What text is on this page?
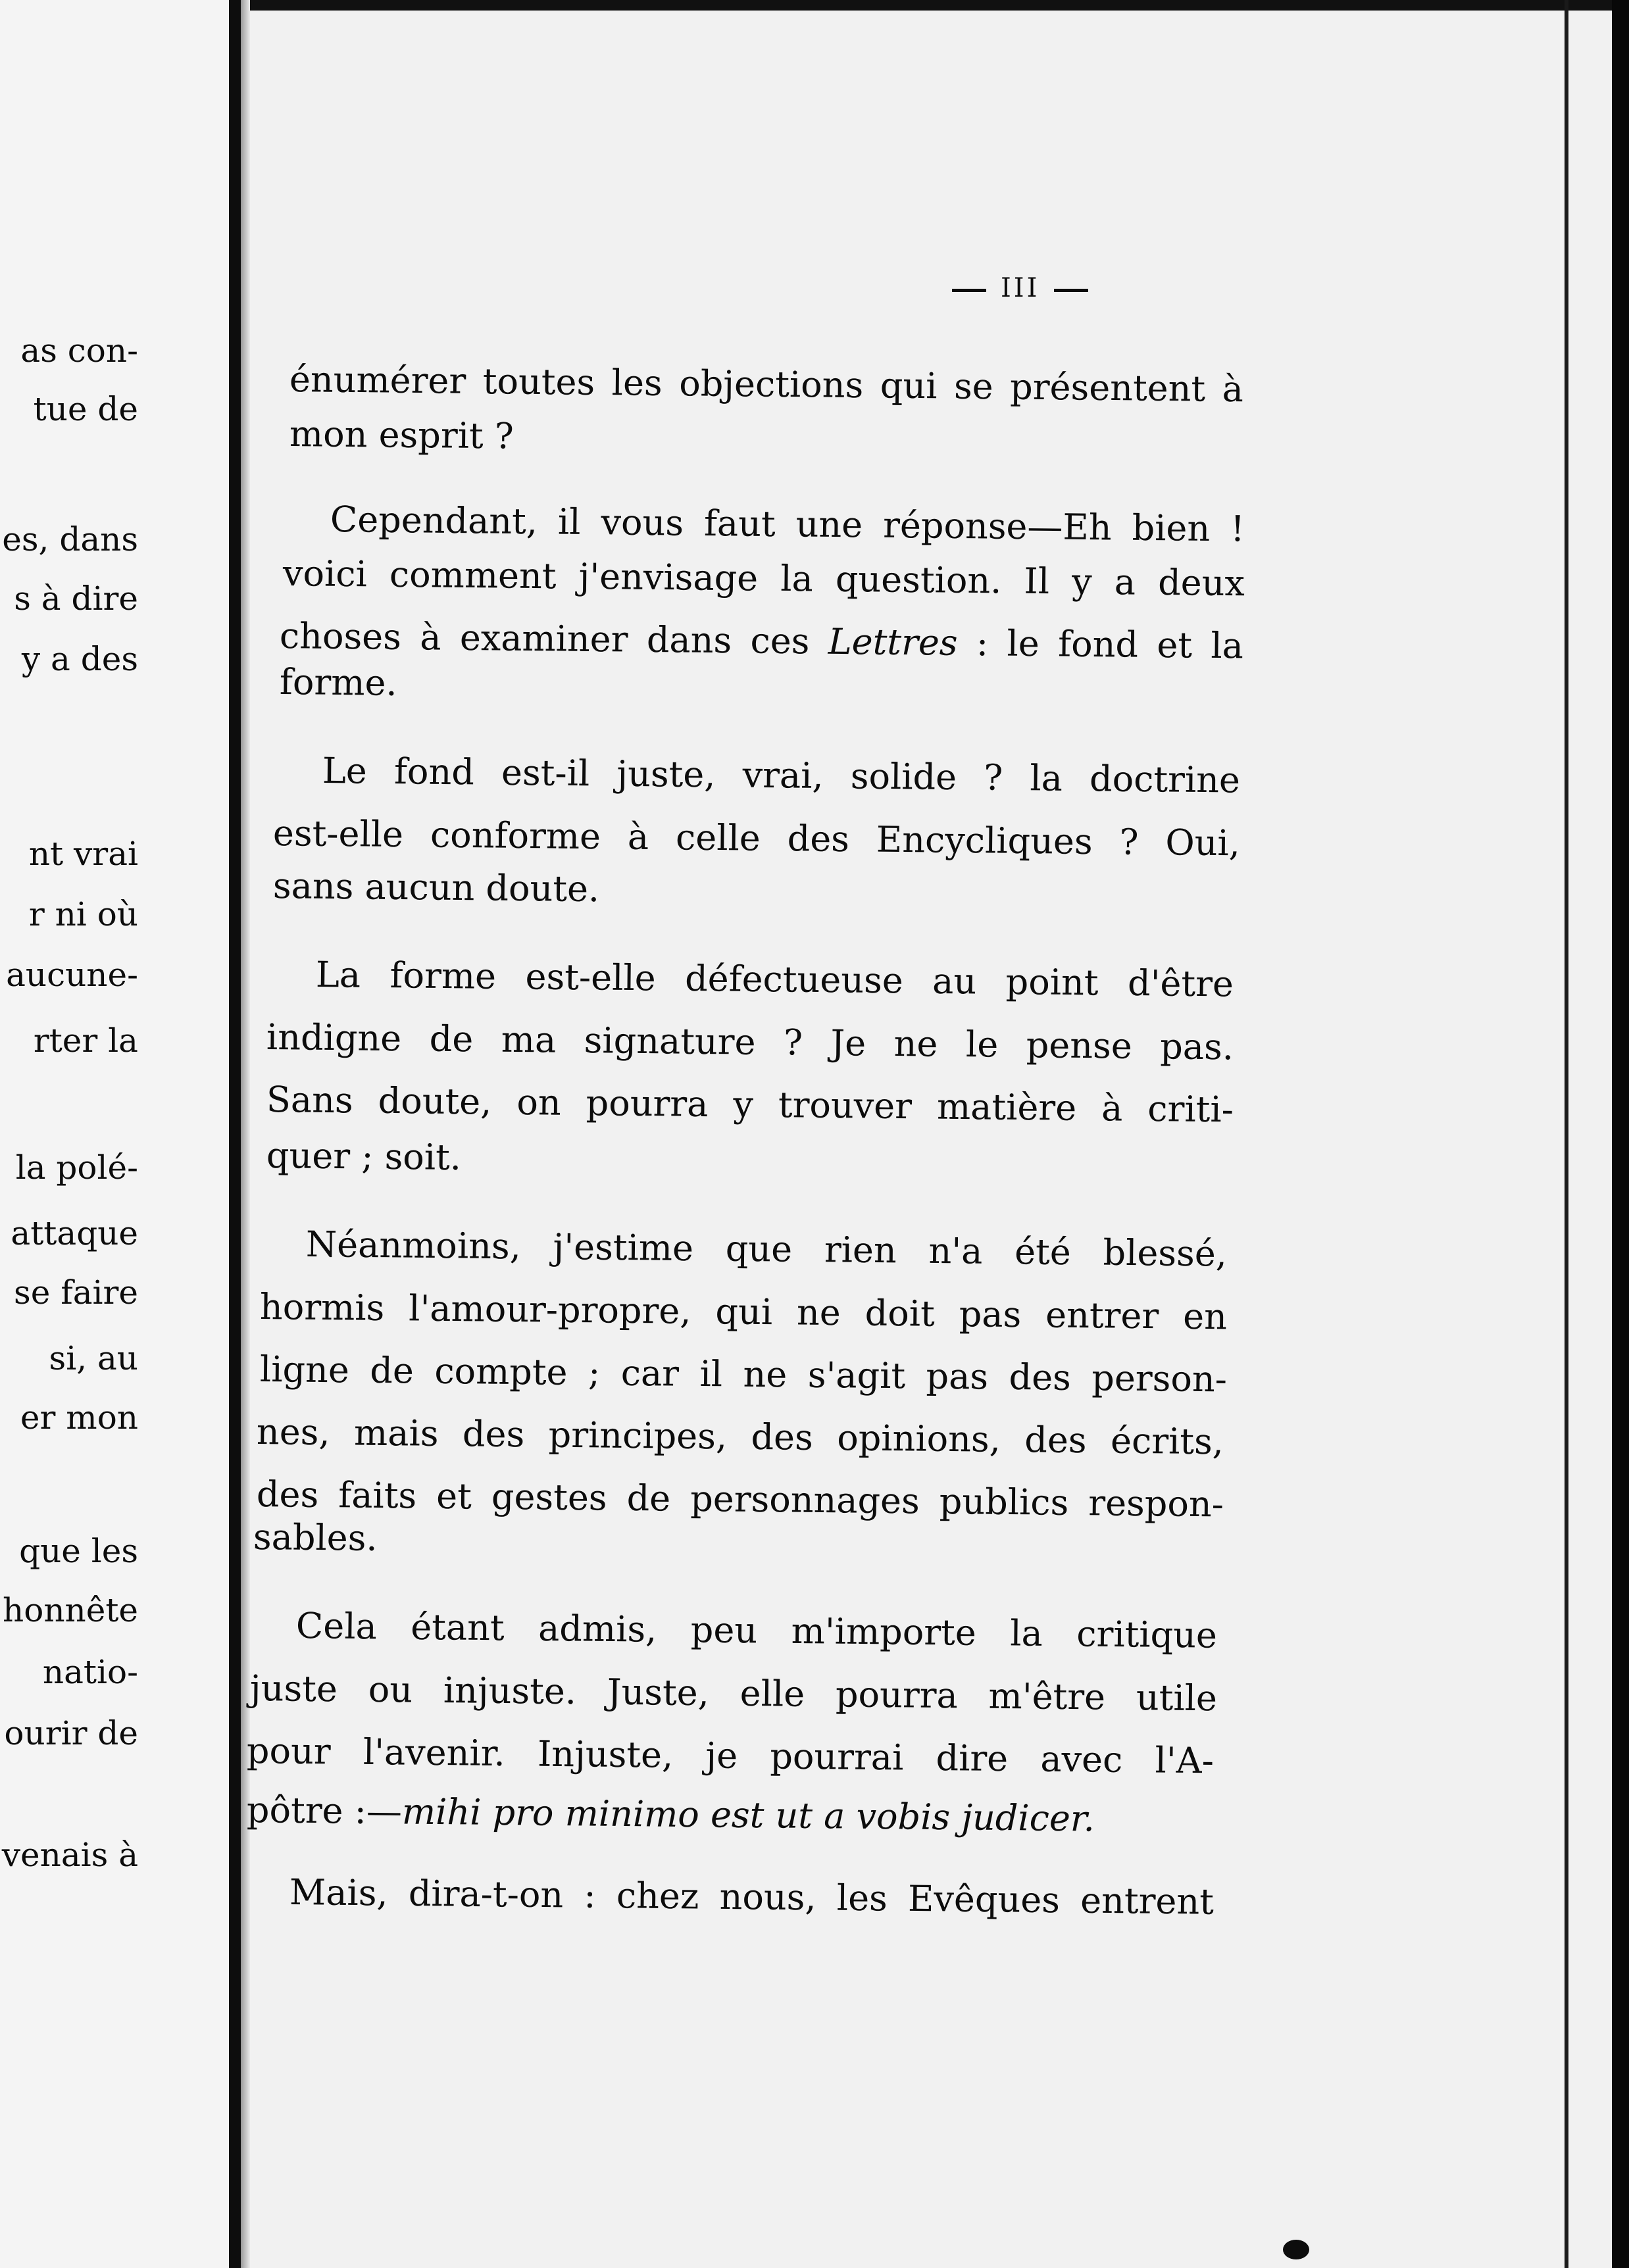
as con-
tue de
es, dans
s à dire
y a des
nt vrai
r ni où
aucune-
rter la
la polé-
attaque
se faire
si, au
er mon
que les
honnête
natio-
ourir de
venais à
III
énumérer toutes les objections qui se présentent à
mon esprit ?
Cependant, il vous faut une réponse—Eh bien !
voici comment j'envisage la question. Il y a deux
choses à examiner dans ces Lettres : le fond et la
forme.
Le fond est-il juste, vrai, solide ? la doctrine
est-elle conforme à celle des Encycliques ? Oui,
sans aucun doute.
La forme est-elle défectueuse au point d'être
indigne de ma signature ? Je ne le pense pas.
Sans doute, on pourra y trouver matière à criti-
quer ; soit.
Néanmoins, j'estime que rien n'a été blessé,
hormis l'amour-propre, qui ne doit pas entrer en
ligne de compte ; car il ne s'agit pas des person-
nes, mais des principes, des opinions, des écrits,
des faits et gestes de personnages publics respon-
sables.
Cela étant admis, peu m'importe la critique
juste ou injuste. Juste, elle pourra m'être utile
pour l'avenir. Injuste, je pourrai dire avec l'A-
pôtre :—mihi pro minimo est ut a vobis judicer.
Mais, dira-t-on : chez nous, les Evêques entrent
